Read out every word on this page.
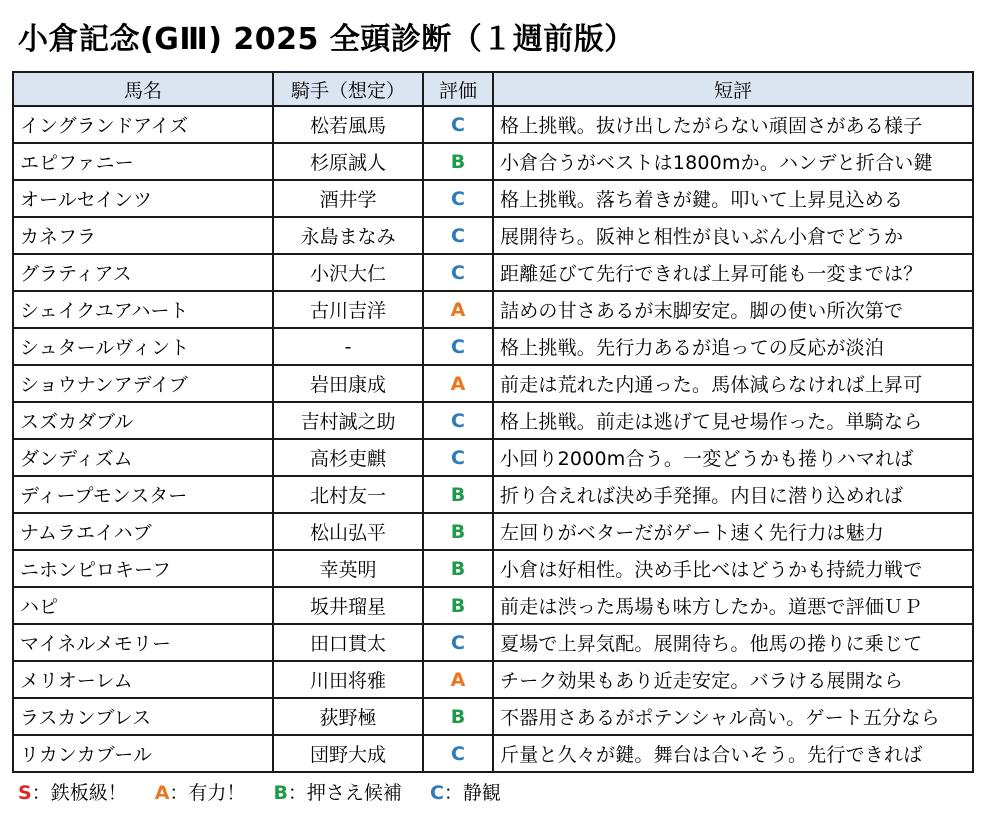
小倉記念(GⅢ) 2025 全頭診断（１週前版）
馬名	騎手（想定）	評価	短評
イングランドアイズ	松若風馬	C	格上挑戦。抜け出したがらない頑固さがある様子
エピファニー	杉原誠人	B	小倉合うがベストは1800mか。ハンデと折合い鍵
オールセインツ	酒井学	C	格上挑戦。落ち着きが鍵。叩いて上昇見込める
カネフラ	永島まなみ	C	展開待ち。阪神と相性が良いぶん小倉でどうか
グラティアス	小沢大仁	C	距離延びて先行できれば上昇可能も一変までは？
シェイクユアハート	古川吉洋	A	詰めの甘さあるが末脚安定。脚の使い所次第で
シュタールヴィント	-	C	格上挑戦。先行力あるが追っての反応が淡泊
ショウナンアデイブ	岩田康成	A	前走は荒れた内通った。馬体減らなければ上昇可
スズカダブル	吉村誠之助	C	格上挑戦。前走は逃げて見せ場作った。単騎なら
ダンディズム	高杉吏麒	C	小回り2000m合う。一変どうかも捲りハマれば
ディープモンスター	北村友一	B	折り合えれば決め手発揮。内目に潜り込めれば
ナムラエイハブ	松山弘平	B	左回りがベターだがゲート速く先行力は魅力
ニホンピロキーフ	幸英明	B	小倉は好相性。決め手比べはどうかも持続力戦で
ハピ	坂井瑠星	B	前走は渋った馬場も味方したか。道悪で評価ＵＰ
マイネルメモリー	田口貫太	C	夏場で上昇気配。展開待ち。他馬の捲りに乗じて
メリオーレム	川田将雅	A	チーク効果もあり近走安定。バラける展開なら
ラスカンブレス	荻野極	B	不器用さあるがポテンシャル高い。ゲート五分なら
リカンカブール	団野大成	C	斤量と久々が鍵。舞台は合いそう。先行できれば
S：鉄板級！ A：有力！ B：押さえ候補 C：静観
